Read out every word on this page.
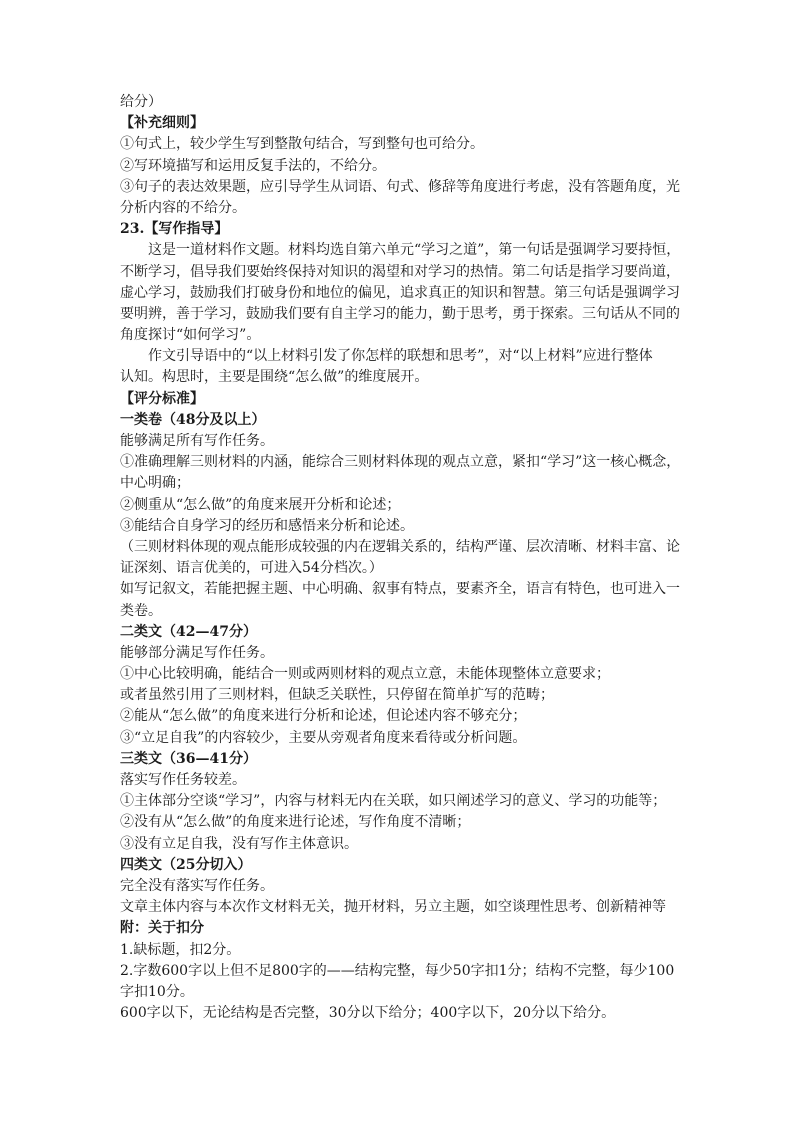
给分）
【补充细则】
①句式上，较少学生写到整散句结合，写到整句也可给分。
②写环境描写和运用反复手法的，不给分。
③句子的表达效果题，应引导学生从词语、句式、修辞等角度进行考虑，没有答题角度，光
分析内容的不给分。
23.【写作指导】
这是一道材料作文题。材料均选自第六单元“学习之道”，第一句话是强调学习要持恒，
不断学习，倡导我们要始终保持对知识的渴望和对学习的热情。第二句话是指学习要尚道，
虚心学习，鼓励我们打破身份和地位的偏见，追求真正的知识和智慧。第三句话是强调学习
要明辨，善于学习，鼓励我们要有自主学习的能力，勤于思考，勇于探索。三句话从不同的
角度探讨“如何学习”。
作文引导语中的“以上材料引发了你怎样的联想和思考”，对“以上材料”应进行整体
认知。构思时，主要是围绕“怎么做”的维度展开。
【评分标准】
一类卷（48分及以上）
能够满足所有写作任务。
①准确理解三则材料的内涵，能综合三则材料体现的观点立意，紧扣“学习”这一核心概念，
中心明确；
②侧重从“怎么做”的角度来展开分析和论述；
③能结合自身学习的经历和感悟来分析和论述。
（三则材料体现的观点能形成较强的内在逻辑关系的，结构严谨、层次清晰、材料丰富、论
证深刻、语言优美的，可进入54分档次。）
如写记叙文，若能把握主题、中心明确、叙事有特点，要素齐全，语言有特色，也可进入一
类卷。
二类文（42—47分）
能够部分满足写作任务。
①中心比较明确，能结合一则或两则材料的观点立意，未能体现整体立意要求；
或者虽然引用了三则材料，但缺乏关联性，只停留在简单扩写的范畴；
②能从“怎么做”的角度来进行分析和论述，但论述内容不够充分；
③“立足自我”的内容较少，主要从旁观者角度来看待或分析问题。
三类文（36—41分）
落实写作任务较差。
①主体部分空谈“学习”，内容与材料无内在关联，如只阐述学习的意义、学习的功能等；
②没有从“怎么做”的角度来进行论述，写作角度不清晰；
③没有立足自我，没有写作主体意识。
四类文（25分切入）
完全没有落实写作任务。
文章主体内容与本次作文材料无关，抛开材料，另立主题，如空谈理性思考、创新精神等
附：关于扣分
1.缺标题，扣2分。
2.字数600字以上但不足800字的——结构完整，每少50字扣1分；结构不完整，每少100
字扣10分。
600字以下，无论结构是否完整，30分以下给分；400字以下，20分以下给分。
